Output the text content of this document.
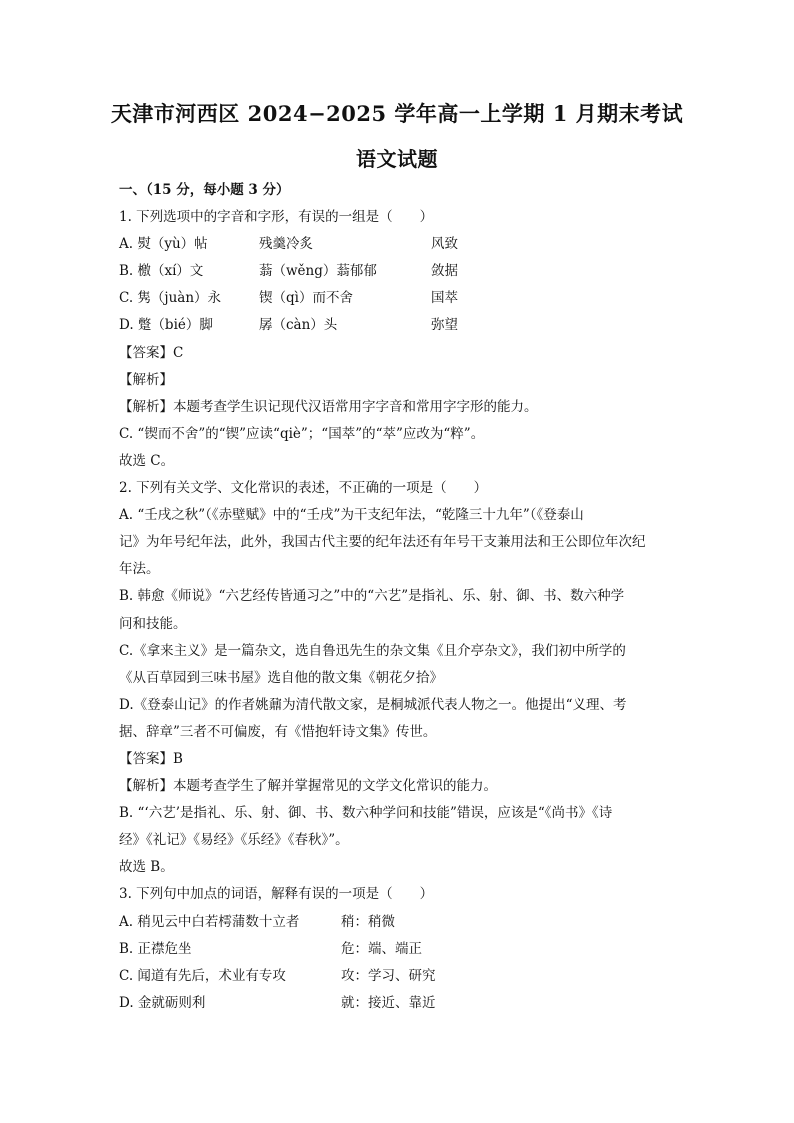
天津市河西区 2024−2025 学年高一上学期 1 月期末考试
语文试题
一、（15 分，每小题 3 分）
1. 下列选项中的字音和字形，有误的一组是（　　）
A. 熨（yù）帖	残羹冷炙	风致
B. 檄（xí）文	蓊（wěng）蓊郁郁	敛据
C. 隽（juàn）永	锲（qì）而不舍	国萃
D. 蹩（bié）脚	孱（càn）头	弥望
【答案】C
【解析】
【解析】本题考查学生识记现代汉语常用字字音和常用字字形的能力。
C. “锲而不舍”的“锲”应读“qiè”；“国萃”的“萃”应改为“粹”。
故选 C。
2. 下列有关文学、文化常识的表述，不正确的一项是（　　）
A. “壬戌之秋”（《赤壁赋》中的“壬戌”为干支纪年法，“乾隆三十九年”（《登泰山
记》为年号纪年法，此外，我国古代主要的纪年法还有年号干支兼用法和王公即位年次纪
年法。
B. 韩愈《师说》“六艺经传皆通习之”中的“六艺”是指礼、乐、射、御、书、数六种学
问和技能。
C.《拿来主义》是一篇杂文，选自鲁迅先生的杂文集《且介亭杂文》，我们初中所学的
《从百草园到三味书屋》选自他的散文集《朝花夕拾》
D.《登泰山记》的作者姚鼐为清代散文家，是桐城派代表人物之一。他提出“义理、考
据、辞章”三者不可偏废，有《惜抱轩诗文集》传世。
【答案】B
【解析】本题考查学生了解并掌握常见的文学文化常识的能力。
B. “‘六艺’是指礼、乐、射、御、书、数六种学问和技能”错误，应该是“《尚书》《诗
经》《礼记》《易经》《乐经》《春秋》”。
故选 B。
3. 下列句中加点的词语，解释有误的一项是（　　）
A. 稍见云中白若樗蒲数十立者	稍：稍微
B. 正襟危坐	危：端、端正
C. 闻道有先后，术业有专攻	攻：学习、研究
D. 金就砺则利	就：接近、靠近
